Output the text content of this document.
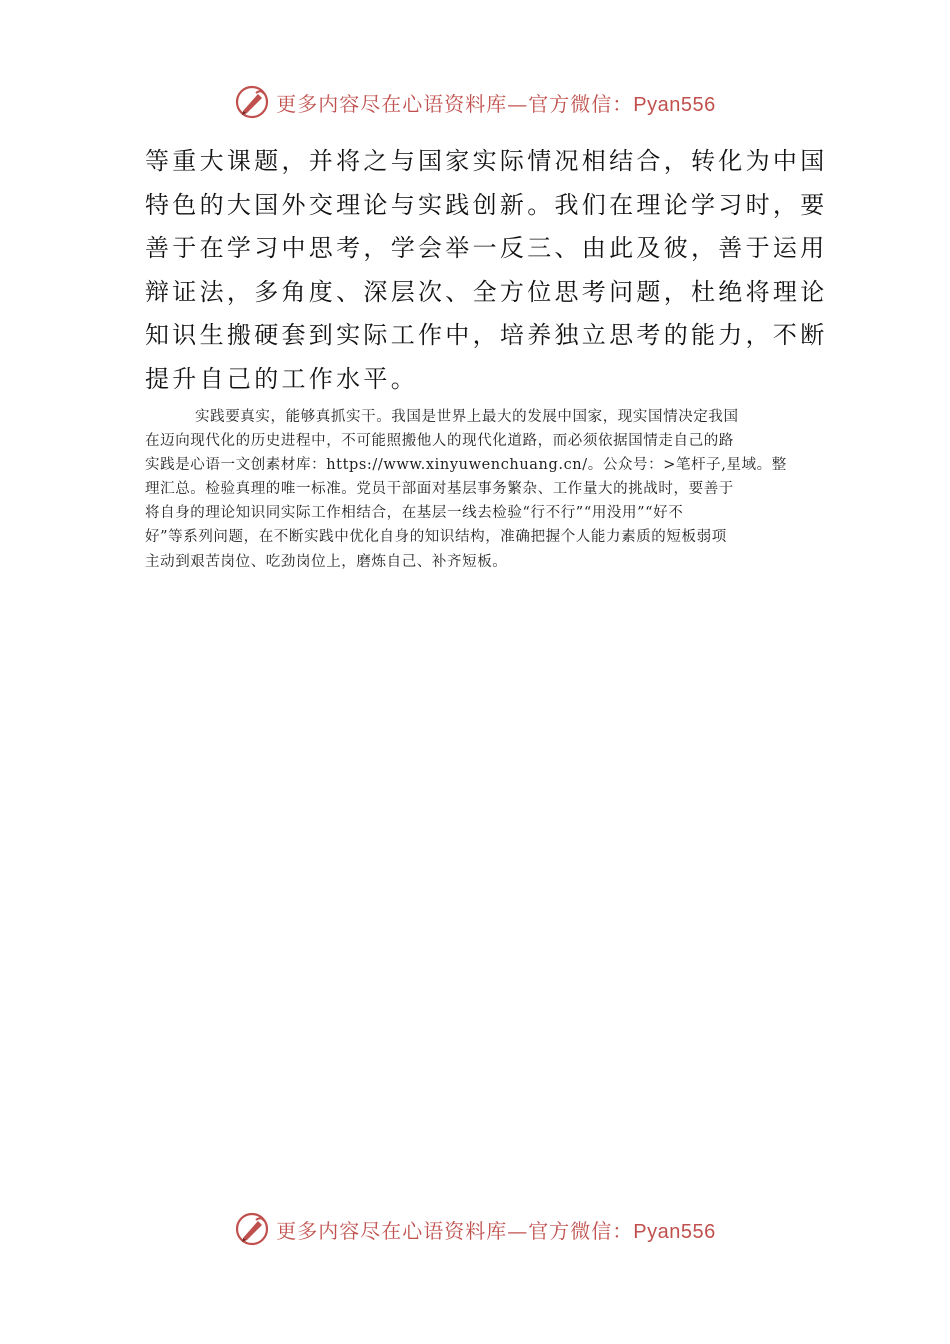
更多内容尽在心语资料库—官方微信：Pyan556
等重大课题，并将之与国家实际情况相结合，转化为中国
特色的大国外交理论与实践创新。我们在理论学习时，要
善于在学习中思考，学会举一反三、由此及彼，善于运用
辩证法，多角度、深层次、全方位思考问题，杜绝将理论
知识生搬硬套到实际工作中，培养独立思考的能力，不断
提升自己的工作水平。
实践要真实，能够真抓实干。我国是世界上最大的发展中国家，现实国情决定我国
在迈向现代化的历史进程中，不可能照搬他人的现代化道路，而必须依据国情走自己的路
实践是心语一文创素材库：https://www.xinyuwenchuang.cn/。公众号：>笔杆子,星域。整
理汇总。检验真理的唯一标准。党员干部面对基层事务繁杂、工作量大的挑战时，要善于
将自身的理论知识同实际工作相结合，在基层一线去检验“行不行”“用没用”“好不
好”等系列问题，在不断实践中优化自身的知识结构，准确把握个人能力素质的短板弱项
主动到艰苦岗位、吃劲岗位上，磨炼自己、补齐短板。
更多内容尽在心语资料库—官方微信：Pyan556
